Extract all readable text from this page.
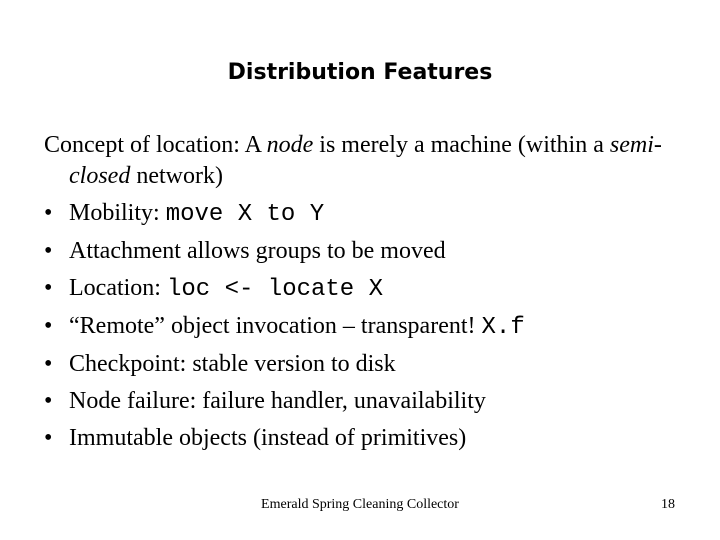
Distribution Features

Concept of location: A node is merely a machine (within a semi-closed network)

• Mobility: move X to Y
• Attachment allows groups to be moved
• Location: loc <- locate X
• “Remote” object invocation – transparent! X.f
• Checkpoint: stable version to disk
• Node failure: failure handler, unavailability
• Immutable objects (instead of primitives)
Emerald Spring Cleaning Collector	18
